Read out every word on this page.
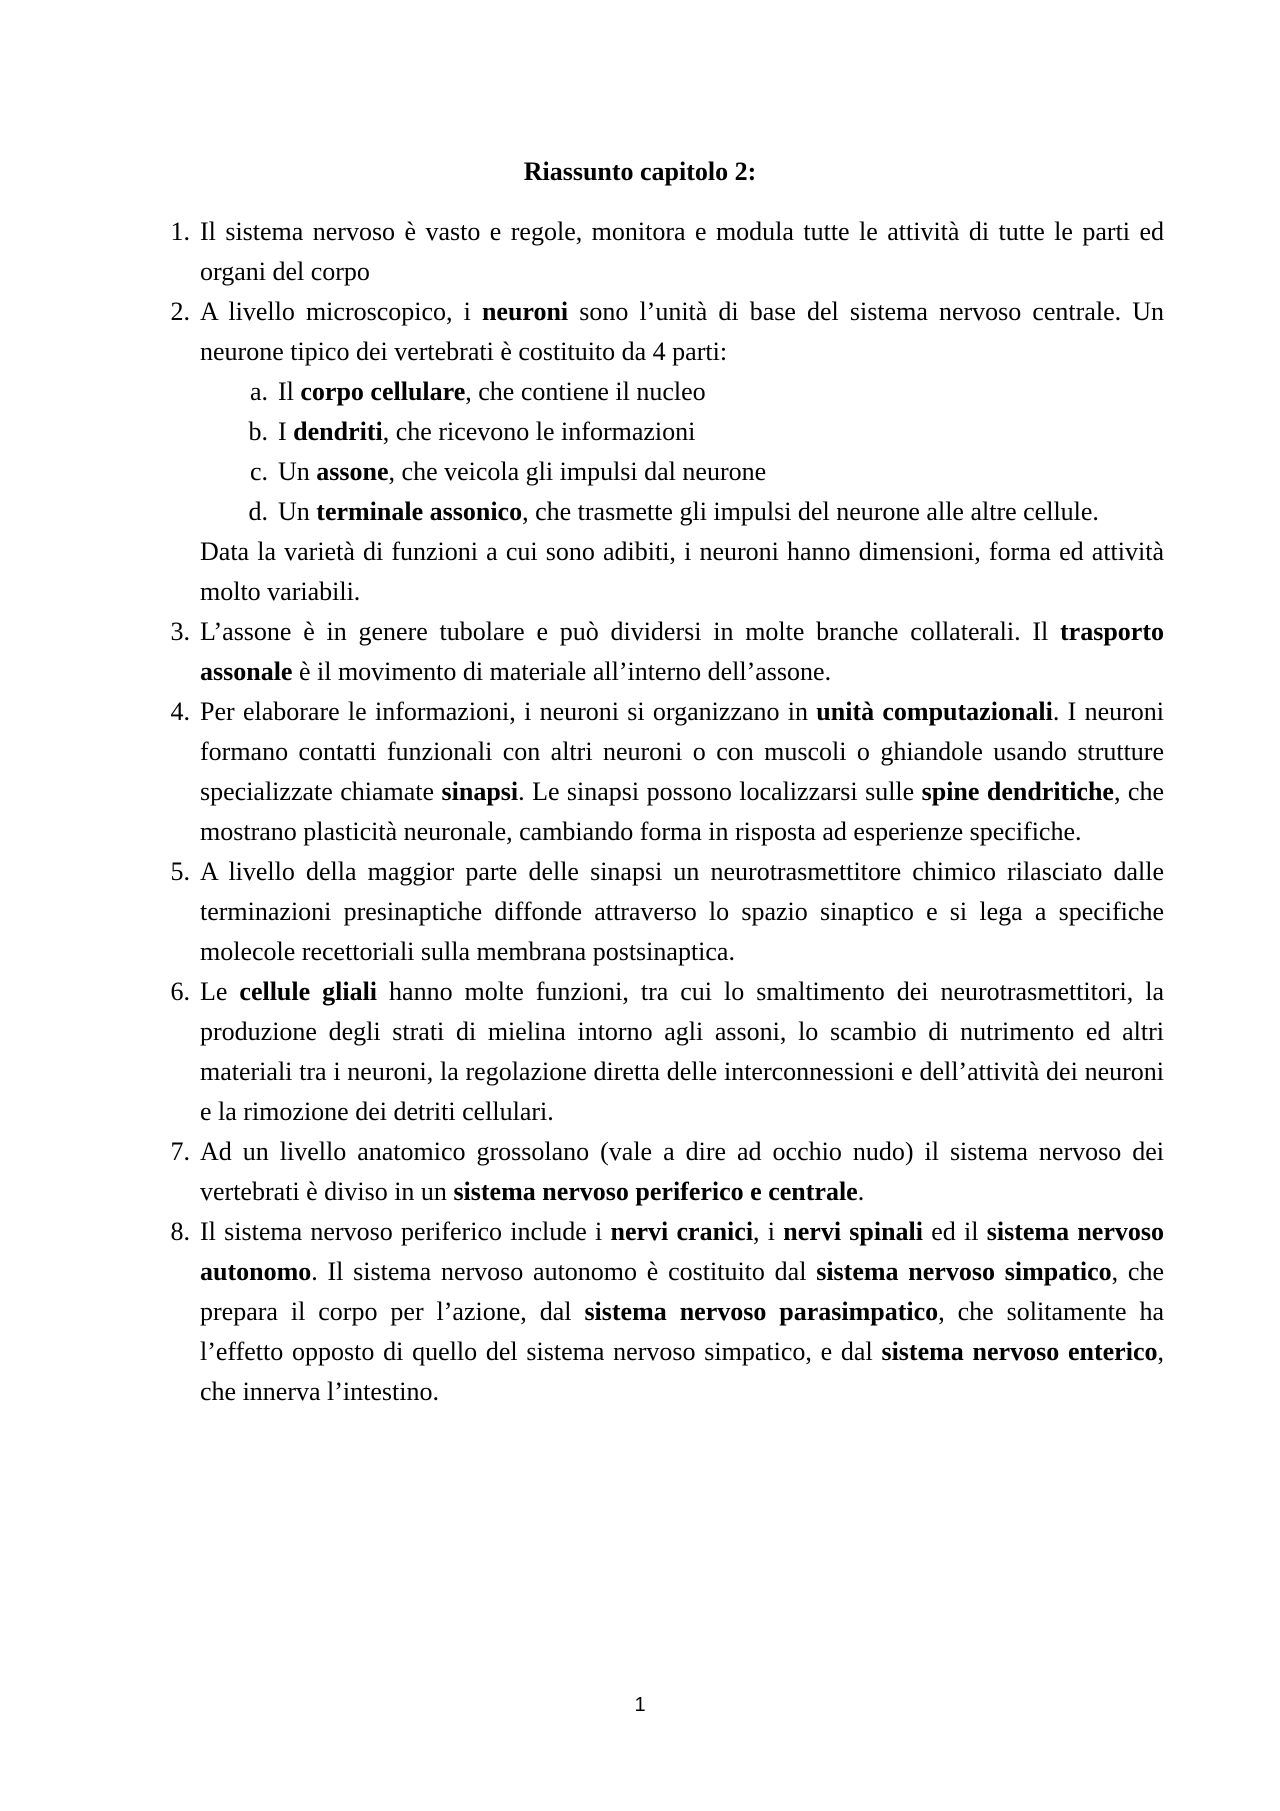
Riassunto capitolo 2:
1. Il sistema nervoso è vasto e regole, monitora e modula tutte le attività di tutte le parti ed organi del corpo
2. A livello microscopico, i neuroni sono l’unità di base del sistema nervoso centrale. Un neurone tipico dei vertebrati è costituito da 4 parti:
a. Il corpo cellulare, che contiene il nucleo
b. I dendriti, che ricevono le informazioni
c. Un assone, che veicola gli impulsi dal neurone
d. Un terminale assonico, che trasmette gli impulsi del neurone alle altre cellule.
Data la varietà di funzioni a cui sono adibiti, i neuroni hanno dimensioni, forma ed attività molto variabili.
3. L’assone è in genere tubolare e può dividersi in molte branche collaterali. Il trasporto assonale è il movimento di materiale all’interno dell’assone.
4. Per elaborare le informazioni, i neuroni si organizzano in unità computazionali. I neuroni formano contatti funzionali con altri neuroni o con muscoli o ghiandole usando strutture specializzate chiamate sinapsi. Le sinapsi possono localizzarsi sulle spine dendritiche, che mostrano plasticità neuronale, cambiando forma in risposta ad esperienze specifiche.
5. A livello della maggior parte delle sinapsi un neurotrasmettitore chimico rilasciato dalle terminazioni presinaptiche diffonde attraverso lo spazio sinaptico e si lega a specifiche molecole recettoriali sulla membrana postsinaptica.
6. Le cellule gliali hanno molte funzioni, tra cui lo smaltimento dei neurotrasmettitori, la produzione degli strati di mielina intorno agli assoni, lo scambio di nutrimento ed altri materiali tra i neuroni, la regolazione diretta delle interconnessioni e dell’attività dei neuroni e la rimozione dei detriti cellulari.
7. Ad un livello anatomico grossolano (vale a dire ad occhio nudo) il sistema nervoso dei vertebrati è diviso in un sistema nervoso periferico e centrale.
8. Il sistema nervoso periferico include i nervi cranici, i nervi spinali ed il sistema nervoso autonomo. Il sistema nervoso autonomo è costituito dal sistema nervoso simpatico, che prepara il corpo per l’azione, dal sistema nervoso parasimpatico, che solitamente ha l’effetto opposto di quello del sistema nervoso simpatico, e dal sistema nervoso enterico, che innerva l’intestino.
1
